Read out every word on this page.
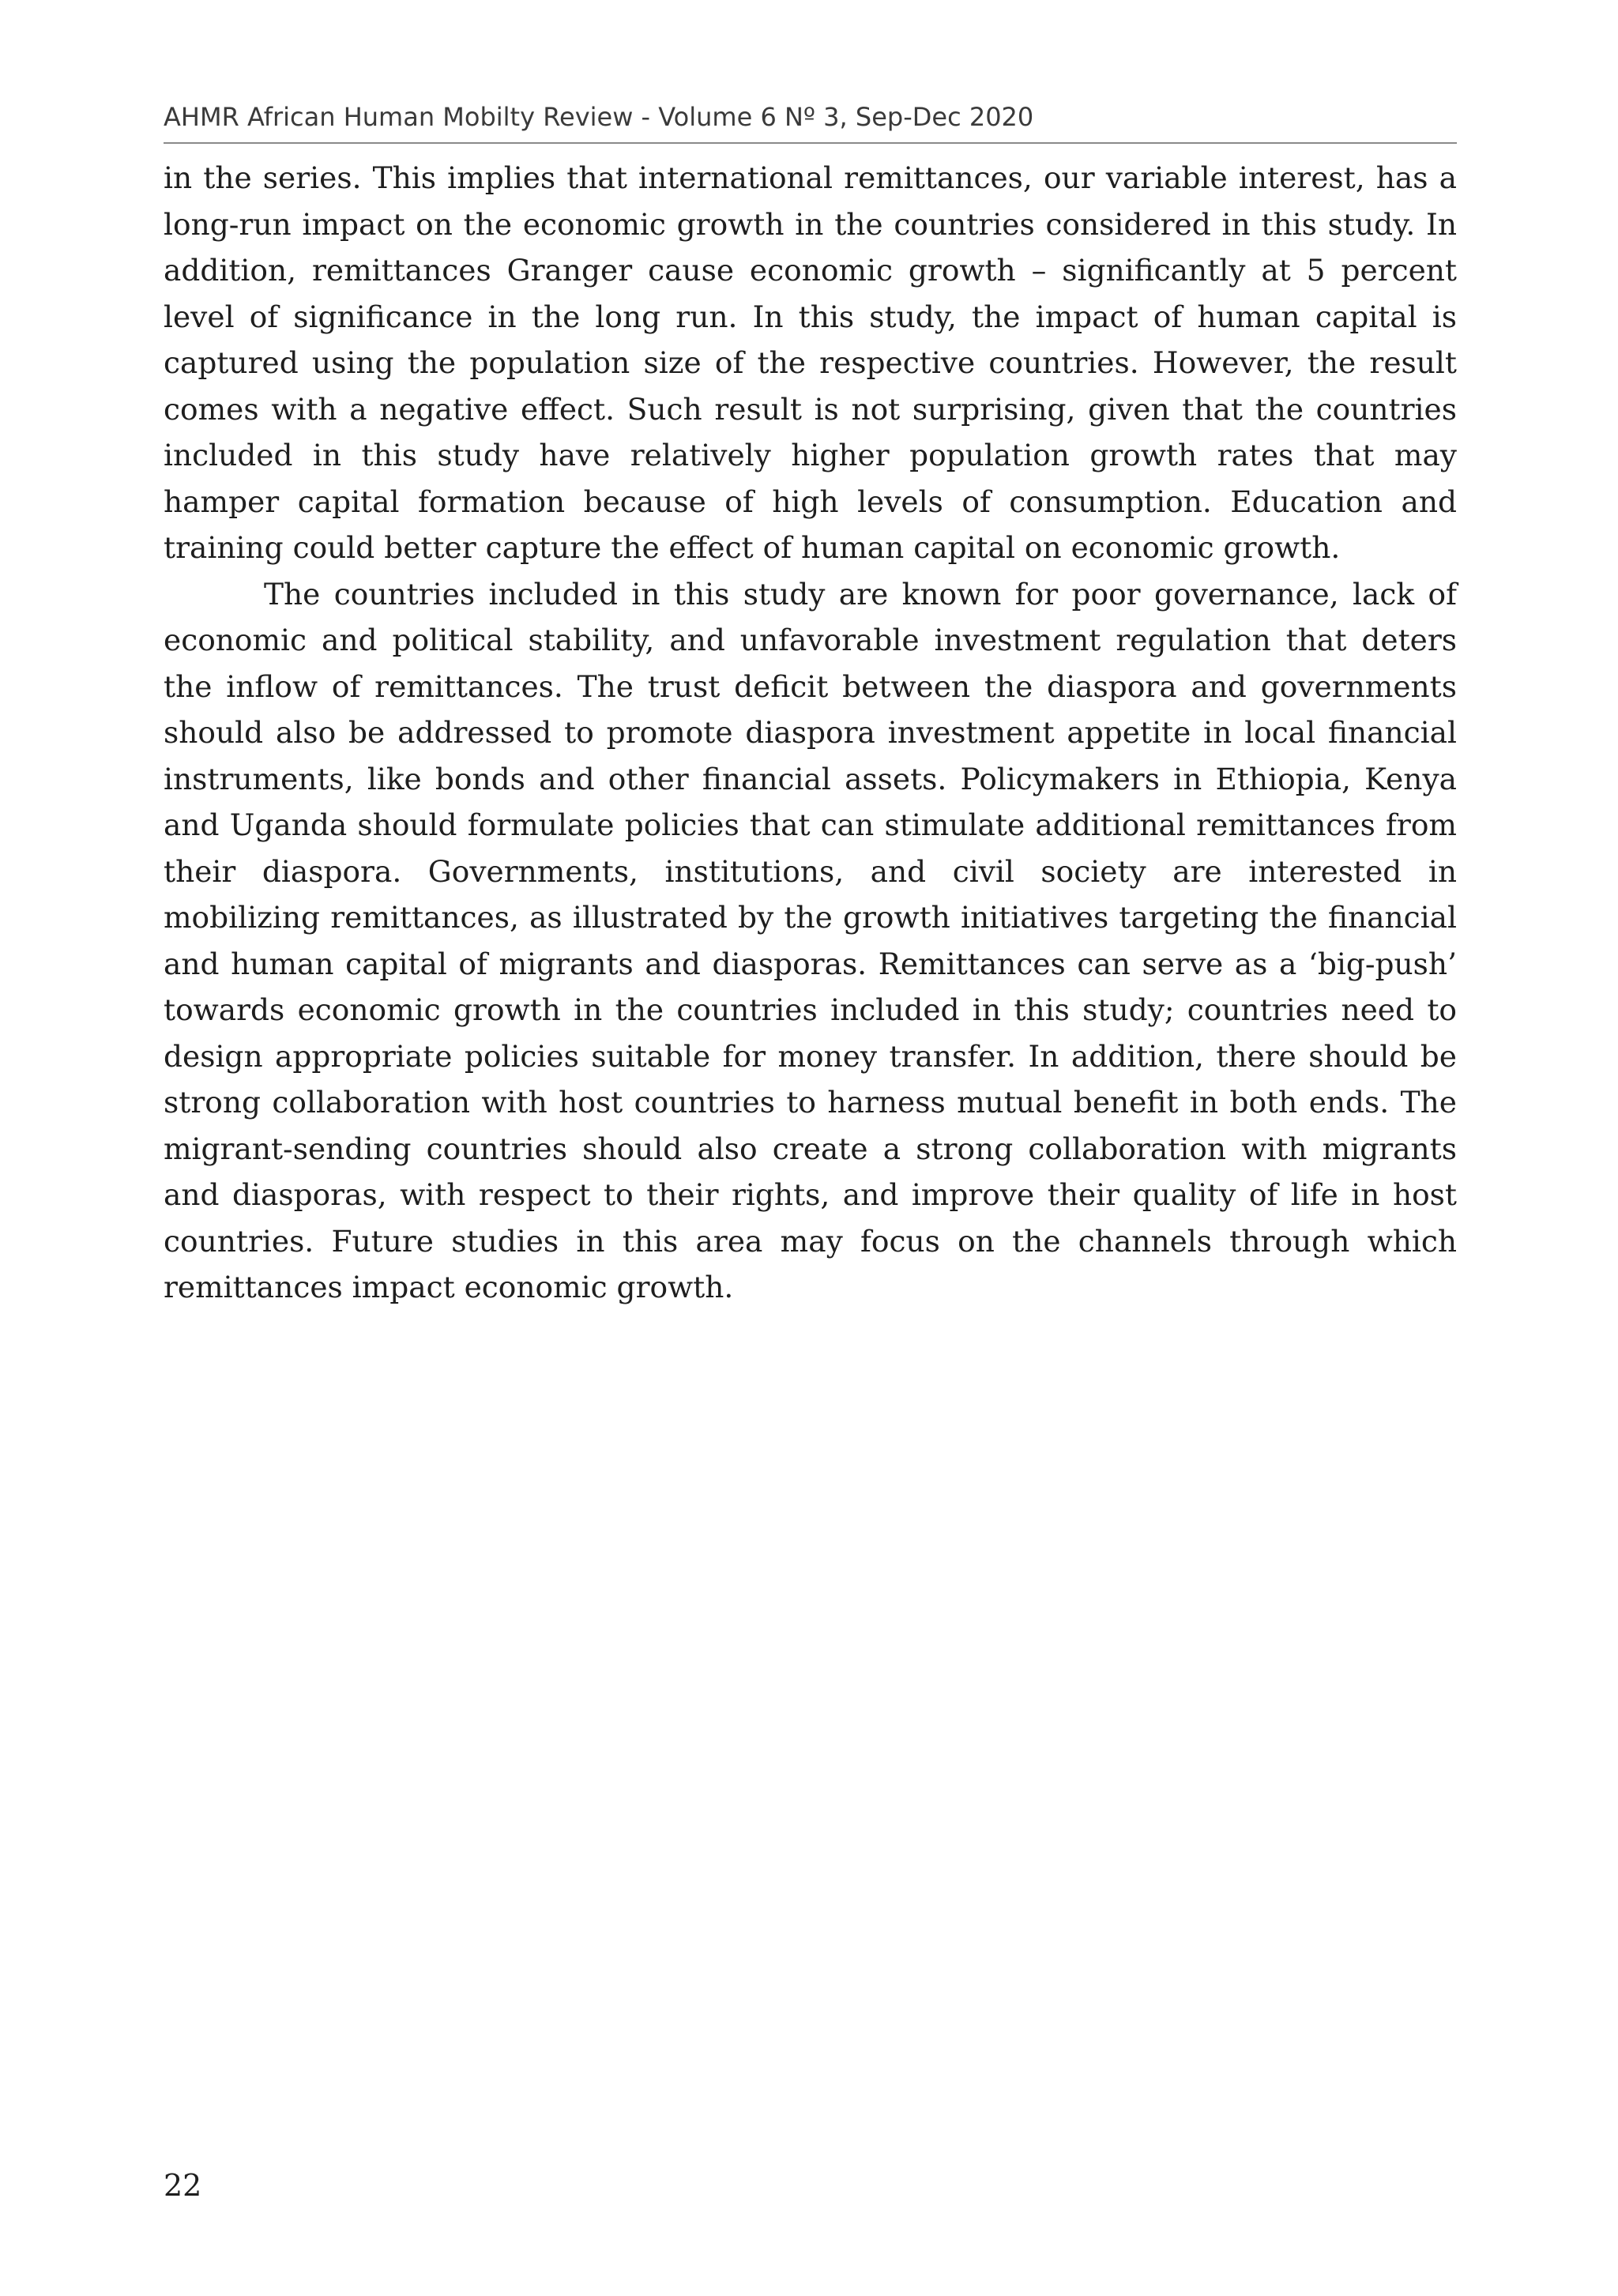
AHMR African Human Mobilty Review - Volume 6 Nº 3, Sep-Dec 2020

in the series. This implies that international remittances, our variable interest, has a long-run impact on the economic growth in the countries considered in this study. In addition, remittances Granger cause economic growth – significantly at 5 percent level of significance in the long run. In this study, the impact of human capital is captured using the population size of the respective countries. However, the result comes with a negative effect. Such result is not surprising, given that the countries included in this study have relatively higher population growth rates that may hamper capital formation because of high levels of consumption. Education and training could better capture the effect of human capital on economic growth.

The countries included in this study are known for poor governance, lack of economic and political stability, and unfavorable investment regulation that deters the inflow of remittances. The trust deficit between the diaspora and governments should also be addressed to promote diaspora investment appetite in local financial instruments, like bonds and other financial assets. Policymakers in Ethiopia, Kenya and Uganda should formulate policies that can stimulate additional remittances from their diaspora. Governments, institutions, and civil society are interested in mobilizing remittances, as illustrated by the growth initiatives targeting the financial and human capital of migrants and diasporas. Remittances can serve as a ‘big-push’ towards economic growth in the countries included in this study; countries need to design appropriate policies suitable for money transfer. In addition, there should be strong collaboration with host countries to harness mutual benefit in both ends. The migrant-sending countries should also create a strong collaboration with migrants and diasporas, with respect to their rights, and improve their quality of life in host countries. Future studies in this area may focus on the channels through which remittances impact economic growth.

22
